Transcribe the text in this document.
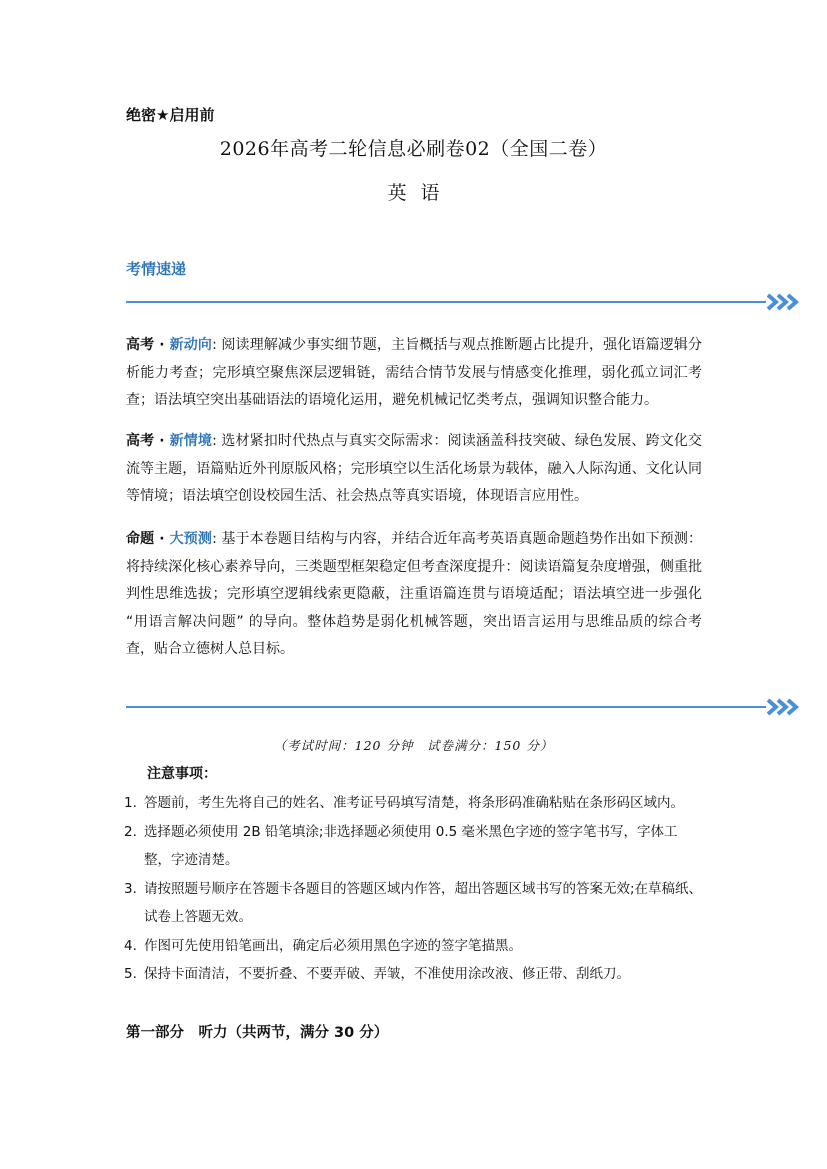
绝密★启用前
2026年高考二轮信息必刷卷02（全国二卷）
英语
考情速递
高考 · 新动向: 阅读理解减少事实细节题，主旨概括与观点推断题占比提升，强化语篇逻辑分析能力考查；完形填空聚焦深层逻辑链，需结合情节发展与情感变化推理，弱化孤立词汇考查；语法填空突出基础语法的语境化运用，避免机械记忆类考点，强调知识整合能力。
高考 · 新情境: 选材紧扣时代热点与真实交际需求：阅读涵盖科技突破、绿色发展、跨文化交流等主题，语篇贴近外刊原版风格；完形填空以生活化场景为载体，融入人际沟通、文化认同等情境；语法填空创设校园生活、社会热点等真实语境，体现语言应用性。
命题 · 大预测: 基于本卷题目结构与内容，并结合近年高考英语真题命题趋势作出如下预测：将持续深化核心素养导向，三类题型框架稳定但考查深度提升：阅读语篇复杂度增强，侧重批判性思维选拔；完形填空逻辑线索更隐蔽，注重语篇连贯与语境适配；语法填空进一步强化 “用语言解决问题” 的导向。整体趋势是弱化机械答题，突出语言运用与思维品质的综合考查，贴合立德树人总目标。
（考试时间：120 分钟　试卷满分：150 分）
注意事项：
1. 答题前，考生先将自己的姓名、准考证号码填写清楚，将条形码准确粘贴在条形码区域内。
2. 选择题必须使用 2B 铅笔填涂;非选择题必须使用 0.5 毫米黑色字迹的签字笔书写，字体工整，字迹清楚。
3. 请按照题号顺序在答题卡各题目的答题区域内作答，超出答题区域书写的答案无效;在草稿纸、试卷上答题无效。
4. 作图可先使用铅笔画出，确定后必须用黑色字迹的签字笔描黑。
5. 保持卡面清洁，不要折叠、不要弄破、弄皱，不准使用涂改液、修正带、刮纸刀。
第一部分　听力（共两节，满分 30 分）
